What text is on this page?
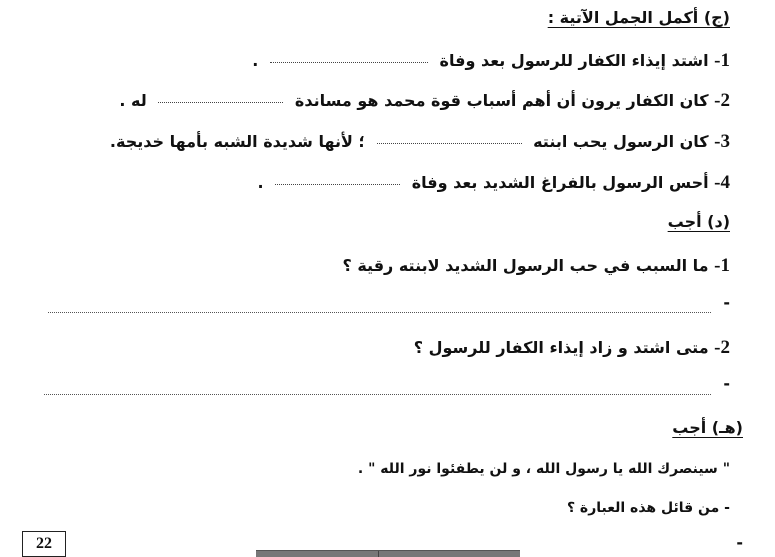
(ج) أكمل الجمل الآتية :
1- اشتد إيذاء الكفار للرسول بعد وفاة  .
2- كان الكفار يرون أن أهم أسباب قوة محمد هو مساندة  له .
3- كان الرسول يحب ابنته  ؛ لأنها شديدة الشبه بأمها خديجة.
4- أحس الرسول بالفراغ الشديد بعد وفاة  .
(د) أجب
1- ما السبب في حب الرسول الشديد لابنته رقية ؟
-
2- متى اشتد و زاد إيذاء الكفار للرسول ؟
-
(هـ) أجب
" سينصرك الله يا رسول الله ، و لن يطفئوا نور الله " .
- من قائل هذه العبارة ؟
-
22
